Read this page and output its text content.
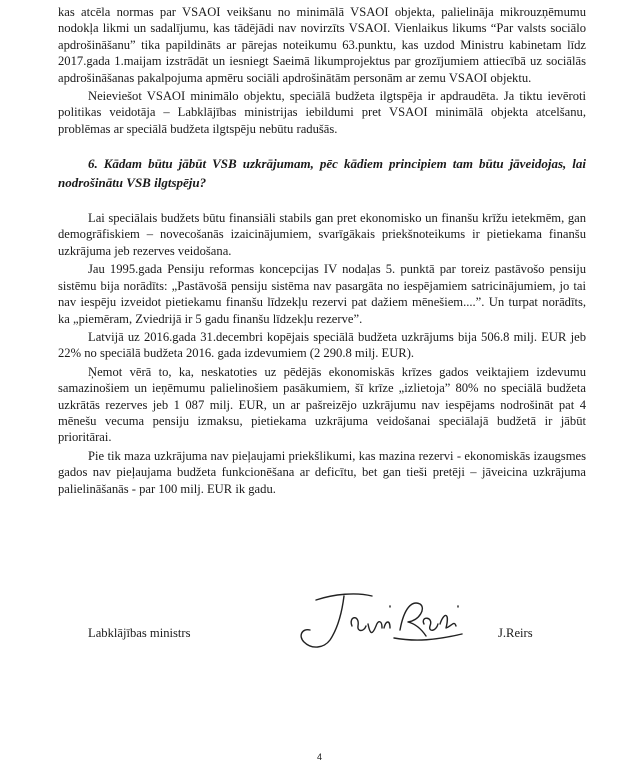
kas atcēla normas par VSAOI veikšanu no minimālā VSAOI objekta, palielināja mikrouzņēmumu nodokļa likmi un sadalījumu, kas tādējādi nav novirzīts VSAOI. Vienlaikus likums “Par valsts sociālo apdrošināšanu” tika papildināts ar pārejas noteikumu 63.punktu, kas uzdod Ministru kabinetam līdz 2017.gada 1.maijam izstrādāt un iesniegt Saeimā likumprojektus par grozījumiem attiecībā uz sociālās apdrošināšanas pakalpojuma apmēru sociāli apdrošinātām personām ar zemu VSAOI objektu.

Neieviešot VSAOI minimālo objektu, speciālā budžeta ilgtspēja ir apdraudēta. Ja tiktu ievēroti politikas veidotāja – Labklājības ministrijas iebildumi pret VSAOI minimālā objekta atcelšanu, problēmas ar speciālā budžeta ilgtspēju nebūtu radušās.

6. Kādam būtu jābūt VSB uzkrājumam, pēc kādiem principiem tam būtu jāveidojas, lai nodrošinātu VSB ilgtspēju?

Lai speciālais budžets būtu finansiāli stabils gan pret ekonomisko un finanšu krīžu ietekmēm, gan demogrāfiskiem – novecošanās izaicinājumiem, svarīgākais priekšnoteikums ir pietiekama finanšu uzkrājuma jeb rezerves veidošana.

Jau 1995.gada Pensiju reformas koncepcijas IV nodaļas 5. punktā par toreiz pastāvošo pensiju sistēmu bija norādīts: „Pastāvošā pensiju sistēma nav pasargāta no iespējamiem satricinājumiem, jo tai nav iespēju izveidot pietiekamu finanšu līdzekļu rezervi pat dažiem mēnešiem....”. Un turpat norādīts, ka „piemēram, Zviedrijā ir 5 gadu finanšu līdzekļu rezerve”.

Latvijā uz 2016.gada 31.decembri kopējais speciālā budžeta uzkrājums bija 506.8 milj. EUR jeb 22% no speciālā budžeta 2016. gada izdevumiem (2 290.8 milj. EUR).

Ņemot vērā to, ka, neskatoties uz pēdējās ekonomiskās krīzes gados veiktajiem izdevumu samazinošiem un ieņēmumu palielinošiem pasākumiem, šī krīze „izlietoja” 80% no speciālā budžeta uzkrātās rezerves jeb 1 087 milj. EUR, un ar pašreizējo uzkrājumu nav iespējams nodrošināt pat 4 mēnešu vecuma pensiju izmaksu, pietiekama uzkrājuma veidošanai speciālajā budžetā ir jābūt prioritārai.

Pie tik maza uzkrājuma nav pieļaujami priekšlikumi, kas mazina rezervi - ekonomiskās izaugsmes gados nav pieļaujama budžeta funkcionēšana ar deficītu, bet gan tieši pretēji – jāveicina uzkrājuma palielināšanās - par 100 milj. EUR ik gadu.

Labklājības ministrs	J.Reirs
4
